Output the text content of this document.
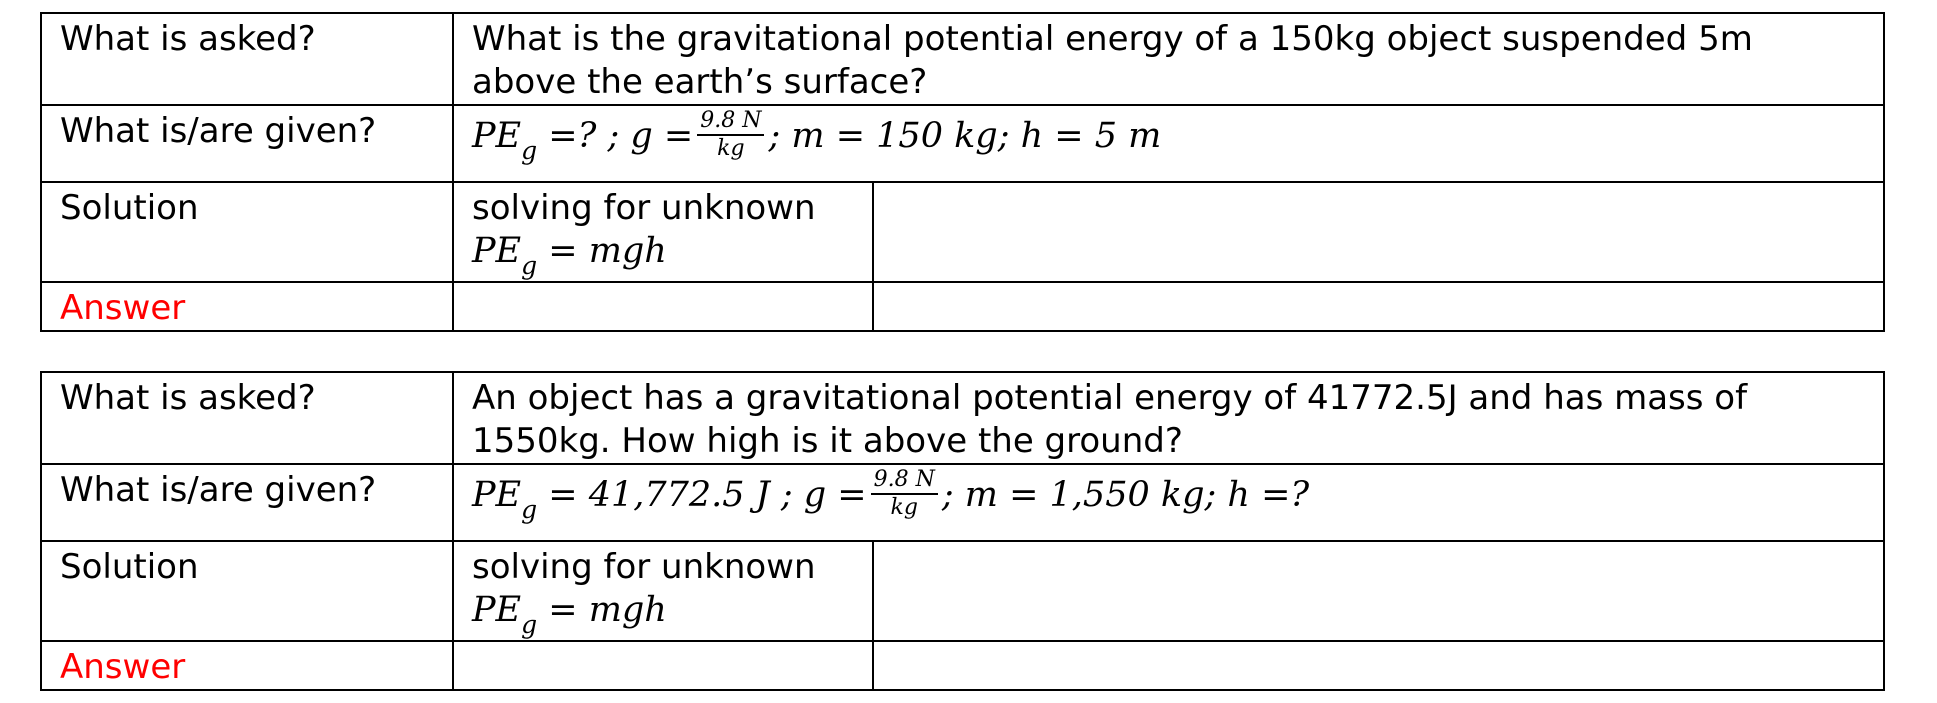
What is asked?	What is the gravitational potential energy of a 150kg object suspended 5m above the earth’s surface?	
What is/are given?	$PE_g$ =? ; $g = \frac{9.8 N}{kg}$ ; m = 150 kg; h = 5 m	
Solution	solving for unknown
$PE_g$ = mgh	
Answer		
What is asked?	An object has a gravitational potential energy of 41772.5J and has mass of 1550kg. How high is it above the ground?	
What is/are given?	$PE_g = 41,772.5$ J ; $g = \frac{9.8 N}{kg}$ ; m = 1,550 kg; h =?	
Solution	solving for unknown
$PE_g$ = mgh	
Answer		
